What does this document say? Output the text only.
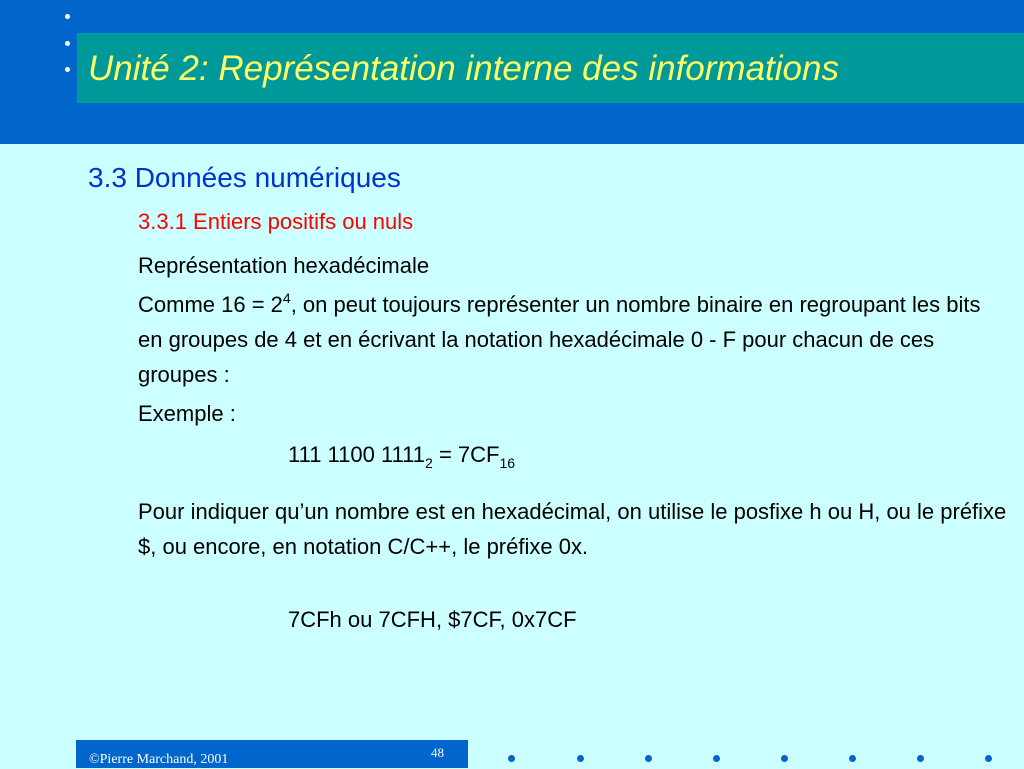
Unité 2: Représentation interne des informations
3.3 Données numériques
3.3.1 Entiers positifs ou nuls
Représentation hexadécimale
Comme $16 = 2^4$, on peut toujours représenter un nombre binaire en regroupant les bits en groupes de 4 et en écrivant la notation hexadécimale 0 - F pour chacun de ces groupes :
Exemple :
111 1100 $1111_2 = 7CF_{16}$
Pour indiquer qu’un nombre est en hexadécimal, on utilise le posfixe h ou H, ou le préfixe $, ou encore, en notation C/C++, le préfixe 0x.
7CFh ou 7CFH, $7CF, 0x7CF
©Pierre Marchand, 2001	48
